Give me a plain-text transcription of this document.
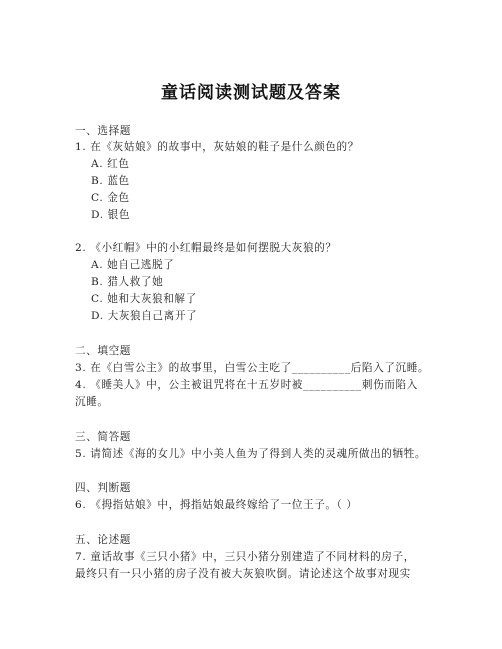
童话阅读测试题及答案
一、选择题
1. 在《灰姑娘》的故事中，灰姑娘的鞋子是什么颜色的？
A. 红色
B. 蓝色
C. 金色
D. 银色
2. 《小红帽》中的小红帽最终是如何摆脱大灰狼的？
A. 她自己逃脱了
B. 猎人救了她
C. 她和大灰狼和解了
D. 大灰狼自己离开了
二、填空题
3. 在《白雪公主》的故事里，白雪公主吃了__________后陷入了沉睡。
4. 《睡美人》中，公主被诅咒将在十五岁时被__________刺伤而陷入
沉睡。
三、简答题
5. 请简述《海的女儿》中小美人鱼为了得到人类的灵魂所做出的牺牲。
四、判断题
6. 《拇指姑娘》中，拇指姑娘最终嫁给了一位王子。（ ）
五、论述题
7. 童话故事《三只小猪》中，三只小猪分别建造了不同材料的房子，
最终只有一只小猪的房子没有被大灰狼吹倒。请论述这个故事对现实
